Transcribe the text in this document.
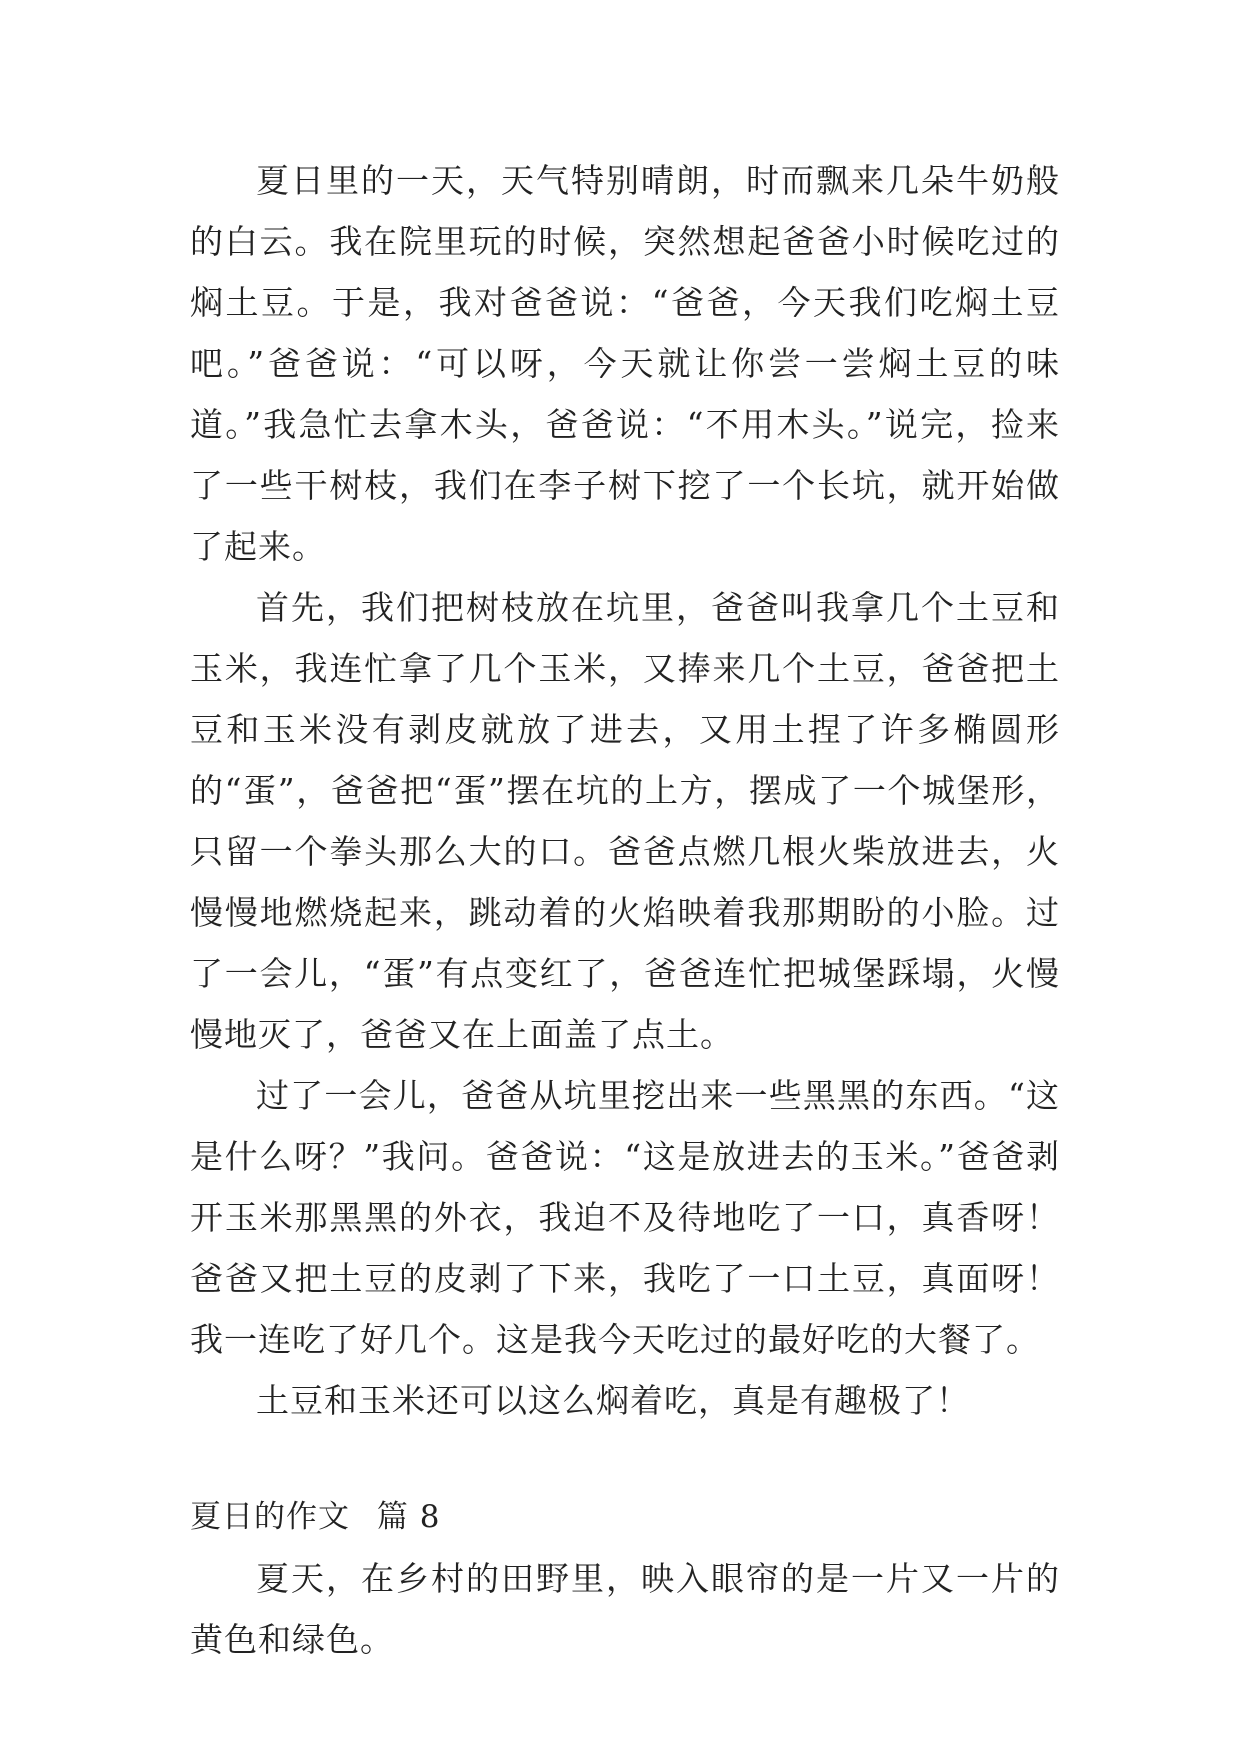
夏日里的一天，天气特别晴朗，时而飘来几朵牛奶般的白云。我在院里玩的时候，突然想起爸爸小时候吃过的焖土豆。于是，我对爸爸说：“爸爸，今天我们吃焖土豆吧。”爸爸说：“可以呀，今天就让你尝一尝焖土豆的味道。”我急忙去拿木头，爸爸说：“不用木头。”说完，捡来了一些干树枝，我们在李子树下挖了一个长坑，就开始做了起来。

首先，我们把树枝放在坑里，爸爸叫我拿几个土豆和玉米，我连忙拿了几个玉米，又捧来几个土豆，爸爸把土豆和玉米没有剥皮就放了进去，又用土捏了许多椭圆形的“蛋”，爸爸把“蛋”摆在坑的上方，摆成了一个城堡形，只留一个拳头那么大的口。爸爸点燃几根火柴放进去，火慢慢地燃烧起来，跳动着的火焰映着我那期盼的小脸。过了一会儿，“蛋”有点变红了，爸爸连忙把城堡踩塌，火慢慢地灭了，爸爸又在上面盖了点土。

过了一会儿，爸爸从坑里挖出来一些黑黑的东西。“这是什么呀？”我问。爸爸说：“这是放进去的玉米。”爸爸剥开玉米那黑黑的外衣，我迫不及待地吃了一口，真香呀！爸爸又把土豆的皮剥了下来，我吃了一口土豆，真面呀！我一连吃了好几个。这是我今天吃过的最好吃的大餐了。

土豆和玉米还可以这么焖着吃，真是有趣极了！

夏日的作文 篇 8

夏天，在乡村的田野里，映入眼帘的是一片又一片的黄色和绿色。
